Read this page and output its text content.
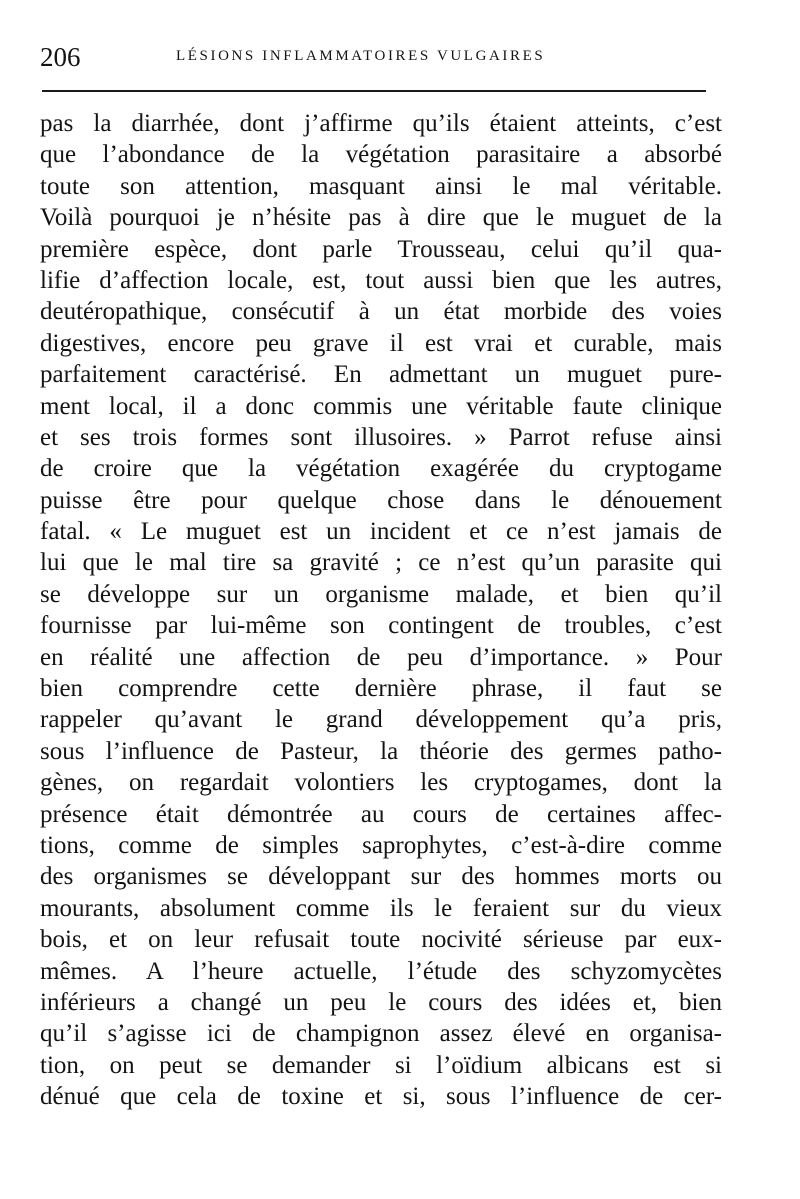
206	LÉSIONS INFLAMMATOIRES VULGAIRES
pas la diarrhée, dont j’affirme qu’ils étaient atteints, c’est
que l’abondance de la végétation parasitaire a absorbé
toute son attention, masquant ainsi le mal véritable.
Voilà pourquoi je n’hésite pas à dire que le muguet de la
première espèce, dont parle Trousseau, celui qu’il qua-
lifie d’affection locale, est, tout aussi bien que les autres,
deutéropathique, consécutif à un état morbide des voies
digestives, encore peu grave il est vrai et curable, mais
parfaitement caractérisé. En admettant un muguet pure-
ment local, il a donc commis une véritable faute clinique
et ses trois formes sont illusoires. » Parrot refuse ainsi
de croire que la végétation exagérée du cryptogame
puisse être pour quelque chose dans le dénouement
fatal. « Le muguet est un incident et ce n’est jamais de
lui que le mal tire sa gravité ; ce n’est qu’un parasite qui
se développe sur un organisme malade, et bien qu’il
fournisse par lui-même son contingent de troubles, c’est
en réalité une affection de peu d’importance. » Pour
bien comprendre cette dernière phrase, il faut se
rappeler qu’avant le grand développement qu’a pris,
sous l’influence de Pasteur, la théorie des germes patho-
gènes, on regardait volontiers les cryptogames, dont la
présence était démontrée au cours de certaines affec-
tions, comme de simples saprophytes, c’est-à-dire comme
des organismes se développant sur des hommes morts ou
mourants, absolument comme ils le feraient sur du vieux
bois, et on leur refusait toute nocivité sérieuse par eux-
mêmes. A l’heure actuelle, l’étude des schyzomycètes
inférieurs a changé un peu le cours des idées et, bien
qu’il s’agisse ici de champignon assez élevé en organisa-
tion, on peut se demander si l’oïdium albicans est si
dénué que cela de toxine et si, sous l’influence de cer-
